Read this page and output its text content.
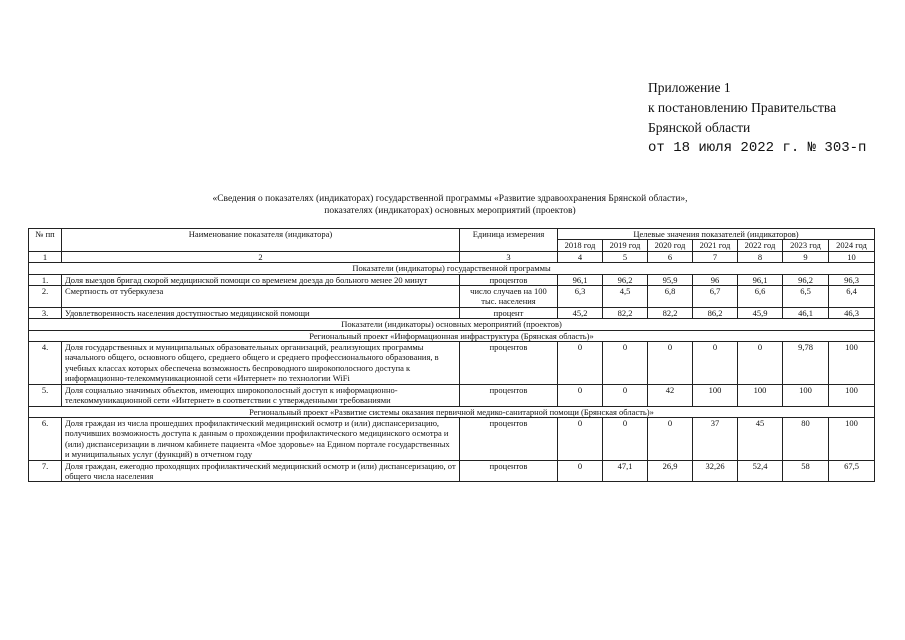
Приложение 1
к постановлению Правительства
Брянской области
от 18 июля 2022 г. № 303-п
«Сведения о показателях (индикаторах) государственной программы «Развитие здравоохранения Брянской области»,
показателях (индикаторах) основных мероприятий (проектов)
№ пп	Наименование показателя (индикатора)	Единица измерения	Целевые значения показателей (индикаторов)						
			2018 год	2019 год	2020 год	2021 год	2022 год	2023 год	2024 год
1	2	3	4	5	6	7	8	9	10
Показатели (индикаторы) государственной программы									
1.	Доля выездов бригад скорой медицинской помощи со временем доезда до больного менее 20 минут	процентов	96,1	96,2	95,9	96	96,1	96,2	96,3
2.	Смертность от туберкулеза	число случаев на 100 тыс. населения	6,3	4,5	6,8	6,7	6,6	6,5	6,4
3.	Удовлетворенность населения доступностью медицинской помощи	процент	45,2	82,2	82,2	86,2	45,9	46,1	46,3
Показатели (индикаторы) основных мероприятий (проектов)									
Региональный проект «Информационная инфраструктура (Брянская область)»									
4.	Доля государственных и муниципальных образовательных организаций, реализующих программы начального общего, основного общего, среднего общего и среднего профессионального образования, в учебных классах которых обеспечена возможность беспроводного широкополосного доступа к информационно-телекоммуникационной сети «Интернет» по технологии WiFi	процентов	0	0	0	0	0	9,78	100
5.	Доля социально значимых объектов, имеющих широкополосный доступ к информационно-телекоммуникационной сети «Интернет» в соответствии с утвержденными требованиями	процентов	0	0	42	100	100	100	100
Региональный проект «Развитие системы оказания первичной медико-санитарной помощи (Брянская область)»									
6.	Доля граждан из числа прошедших профилактический медицинский осмотр и (или) диспансеризацию, получивших возможность доступа к данным о прохождении профилактического медицинского осмотра и (или) диспансеризации в личном кабинете пациента «Мое здоровье» на Едином портале государственных и муниципальных услуг (функций) в отчетном году	процентов	0	0	0	37	45	80	100
7.	Доля граждан, ежегодно проходящих профилактический медицинский осмотр и (или) диспансеризацию, от общего числа населения	процентов	0	47,1	26,9	32,26	52,4	58	67,5
